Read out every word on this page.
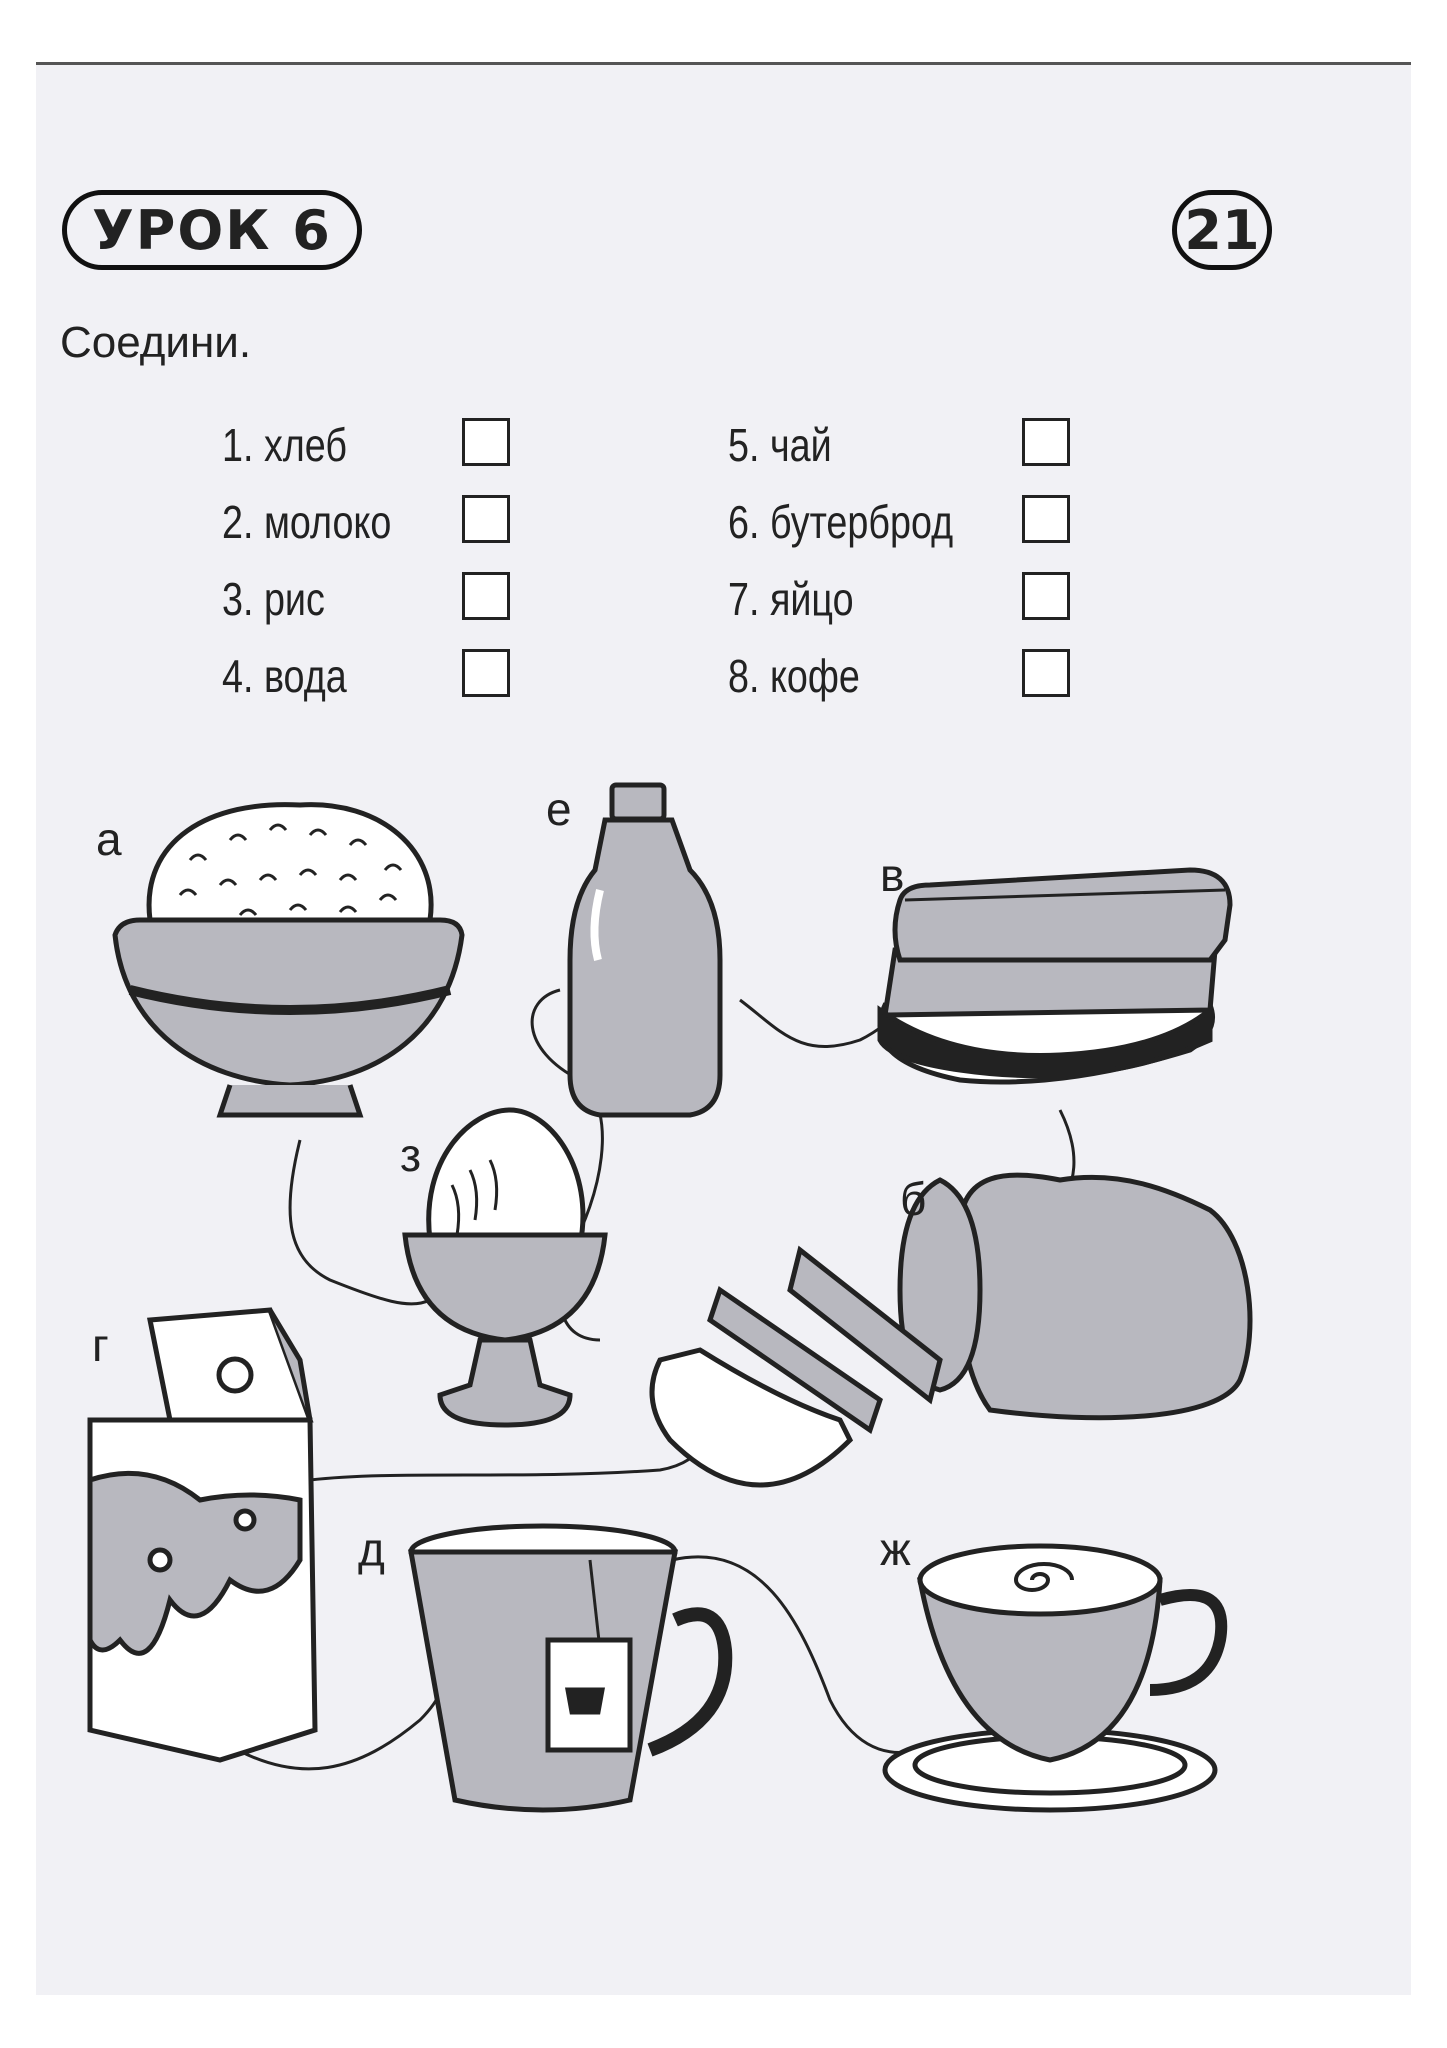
УРОК 6	21
Соедини.
1. хлеб
2. молоко
3. рис
4. вода
5. чай
6. бутерброд
7. яйцо
8. кофе
а
е
в
з
б
г
д	ж
